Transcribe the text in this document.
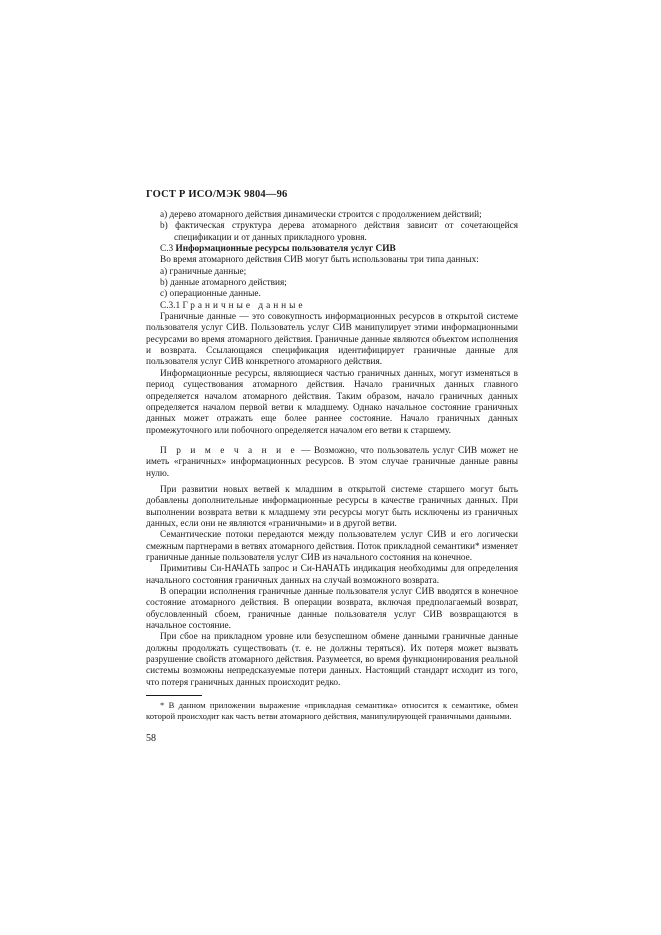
ГОСТ Р ИСО/МЭК 9804—96

а) дерево атомарного действия динамически строится с продолжением действий;

b) фактическая структура дерева атомарного действия зависит от сочетающейся спецификации и от данных прикладного уровня.

С.3 Информационные ресурсы пользователя услуг СИВ

Во время атомарного действия СИВ могут быть использованы три типа данных:

а) граничные данные;

b) данные атомарного действия;

с) операционные данные.

С.3.1 Граничные данные

Граничные данные — это совокупность информационных ресурсов в открытой системе пользователя услуг СИВ. Пользователь услуг СИВ манипулирует этими информационными ресурсами во время атомарного действия. Граничные данные являются объектом исполнения и возврата. Ссылающаяся спецификация идентифицирует граничные данные для пользователя услуг СИВ конкретного атомарного действия.

Информационные ресурсы, являющиеся частью граничных данных, могут изменяться в период существования атомарного действия. Начало граничных данных главного определяется началом атомарного действия. Таким образом, начало граничных данных определяется началом первой ветви к младшему. Однако начальное состояние граничных данных может отражать еще более раннее состояние. Начало граничных данных промежуточного или побочного определяется началом его ветви к старшему.

П р и м е ч а н и е — Возможно, что пользователь услуг СИВ может не иметь «граничных» информационных ресурсов. В этом случае граничные данные равны нулю.

При развитии новых ветвей к младшим в открытой системе старшего могут быть добавлены дополнительные информационные ресурсы в качестве граничных данных. При выполнении возврата ветви к младшему эти ресурсы могут быть исключены из граничных данных, если они не являются «граничными» и в другой ветви.

Семантические потоки передаются между пользователем услуг СИВ и его логически смежным партнерами в ветвях атомарного действия. Поток прикладной семантики* изменяет граничные данные пользователя услуг СИВ из начального состояния на конечное.

Примитивы Си-НАЧАТЬ запрос и Си-НАЧАТЬ индикация необходимы для определения начального состояния граничных данных на случай возможного возврата.

В операции исполнения граничные данные пользователя услуг СИВ вводятся в конечное состояние атомарного действия. В операции возврата, включая предполагаемый возврат, обусловленный сбоем, граничные данные пользователя услуг СИВ возвращаются в начальное состояние.

При сбое на прикладном уровне или безуспешном обмене данными граничные данные должны продолжать существовать (т. е. не должны теряться). Их потеря может вызвать разрушение свойств атомарного действия. Разумеется, во время функционирования реальной системы возможны непредсказуемые потери данных. Настоящий стандарт исходит из того, что потеря граничных данных происходит редко.

* В данном приложении выражение «прикладная семантика» относится к семантике, обмен которой происходит как часть ветви атомарного действия, манипулирующей граничными данными.

58
